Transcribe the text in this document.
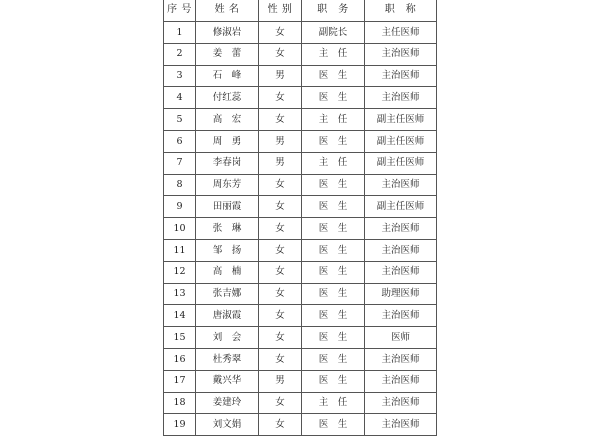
序 号	姓 名	性 别	职　务	职　称
1	修淑岩	女	副院长	主任医师
2	姜　蕾	女	主　任	主治医师
3	石　峰	男	医　生	主治医师
4	付红蕊	女	医　生	主治医师
5	高　宏	女	主　任	副主任医师
6	周　勇	男	医　生	副主任医师
7	李春岗	男	主　任	副主任医师
8	周东芳	女	医　生	主治医师
9	田丽霞	女	医　生	副主任医师
10	张　琳	女	医　生	主治医师
11	邹　扬	女	医　生	主治医师
12	高　楠	女	医　生	主治医师
13	张吉娜	女	医　生	助理医师
14	唐淑霞	女	医　生	主治医师
15	刘　会	女	医　生	医师
16	杜秀翠	女	医　生	主治医师
17	戴兴华	男	医　生	主治医师
18	姜建玲	女	主　任	主治医师
19	刘文娟	女	医　生	主治医师
